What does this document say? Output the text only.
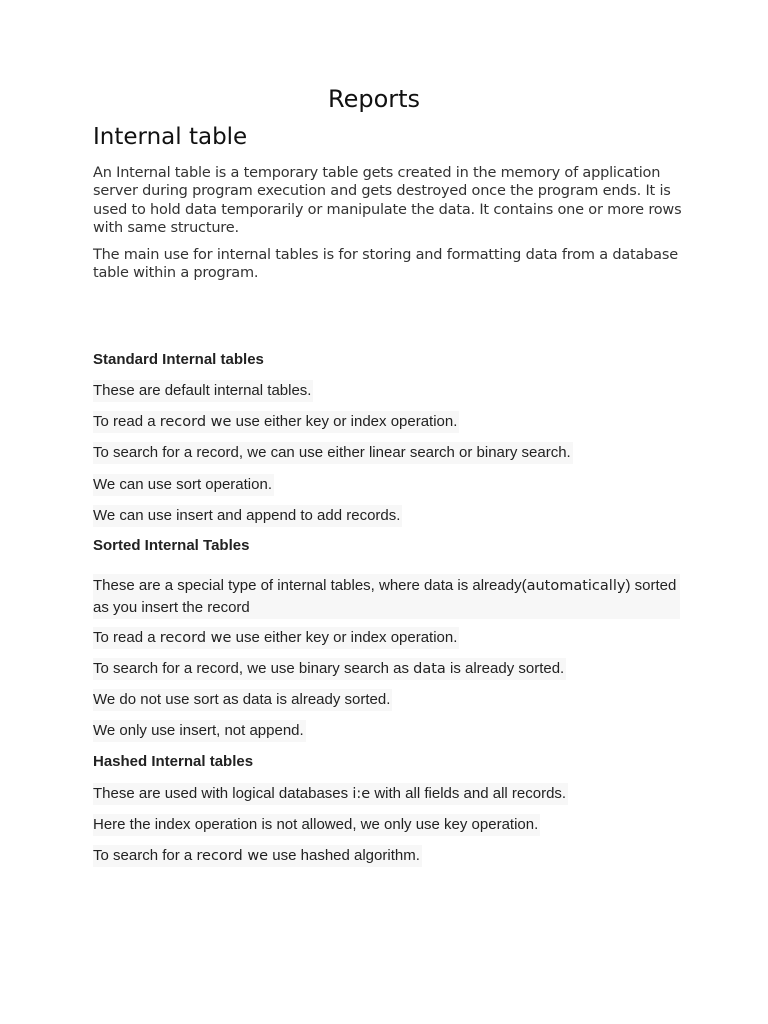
Reports
Internal table

An Internal table is a temporary table gets created in the memory of application server during program execution and gets destroyed once the program ends. It is used to hold data temporarily or manipulate the data. It contains one or more rows with same structure.

The main use for internal tables is for storing and formatting data from a database table within a program.

Standard Internal tables

These are default internal tables.

To read a record we use either key or index operation.

To search for a record, we can use either linear search or binary search.

We can use sort operation.

We can use insert and append to add records.

Sorted Internal Tables

These are a special type of internal tables, where data is already(automatically) sorted as you insert the record

To read a record we use either key or index operation.

To search for a record, we use binary search as data is already sorted.

We do not use sort as data is already sorted.

We only use insert, not append.

Hashed Internal tables

These are used with logical databases i:e with all fields and all records.

Here the index operation is not allowed, we only use key operation.

To search for a record we use hashed algorithm.
